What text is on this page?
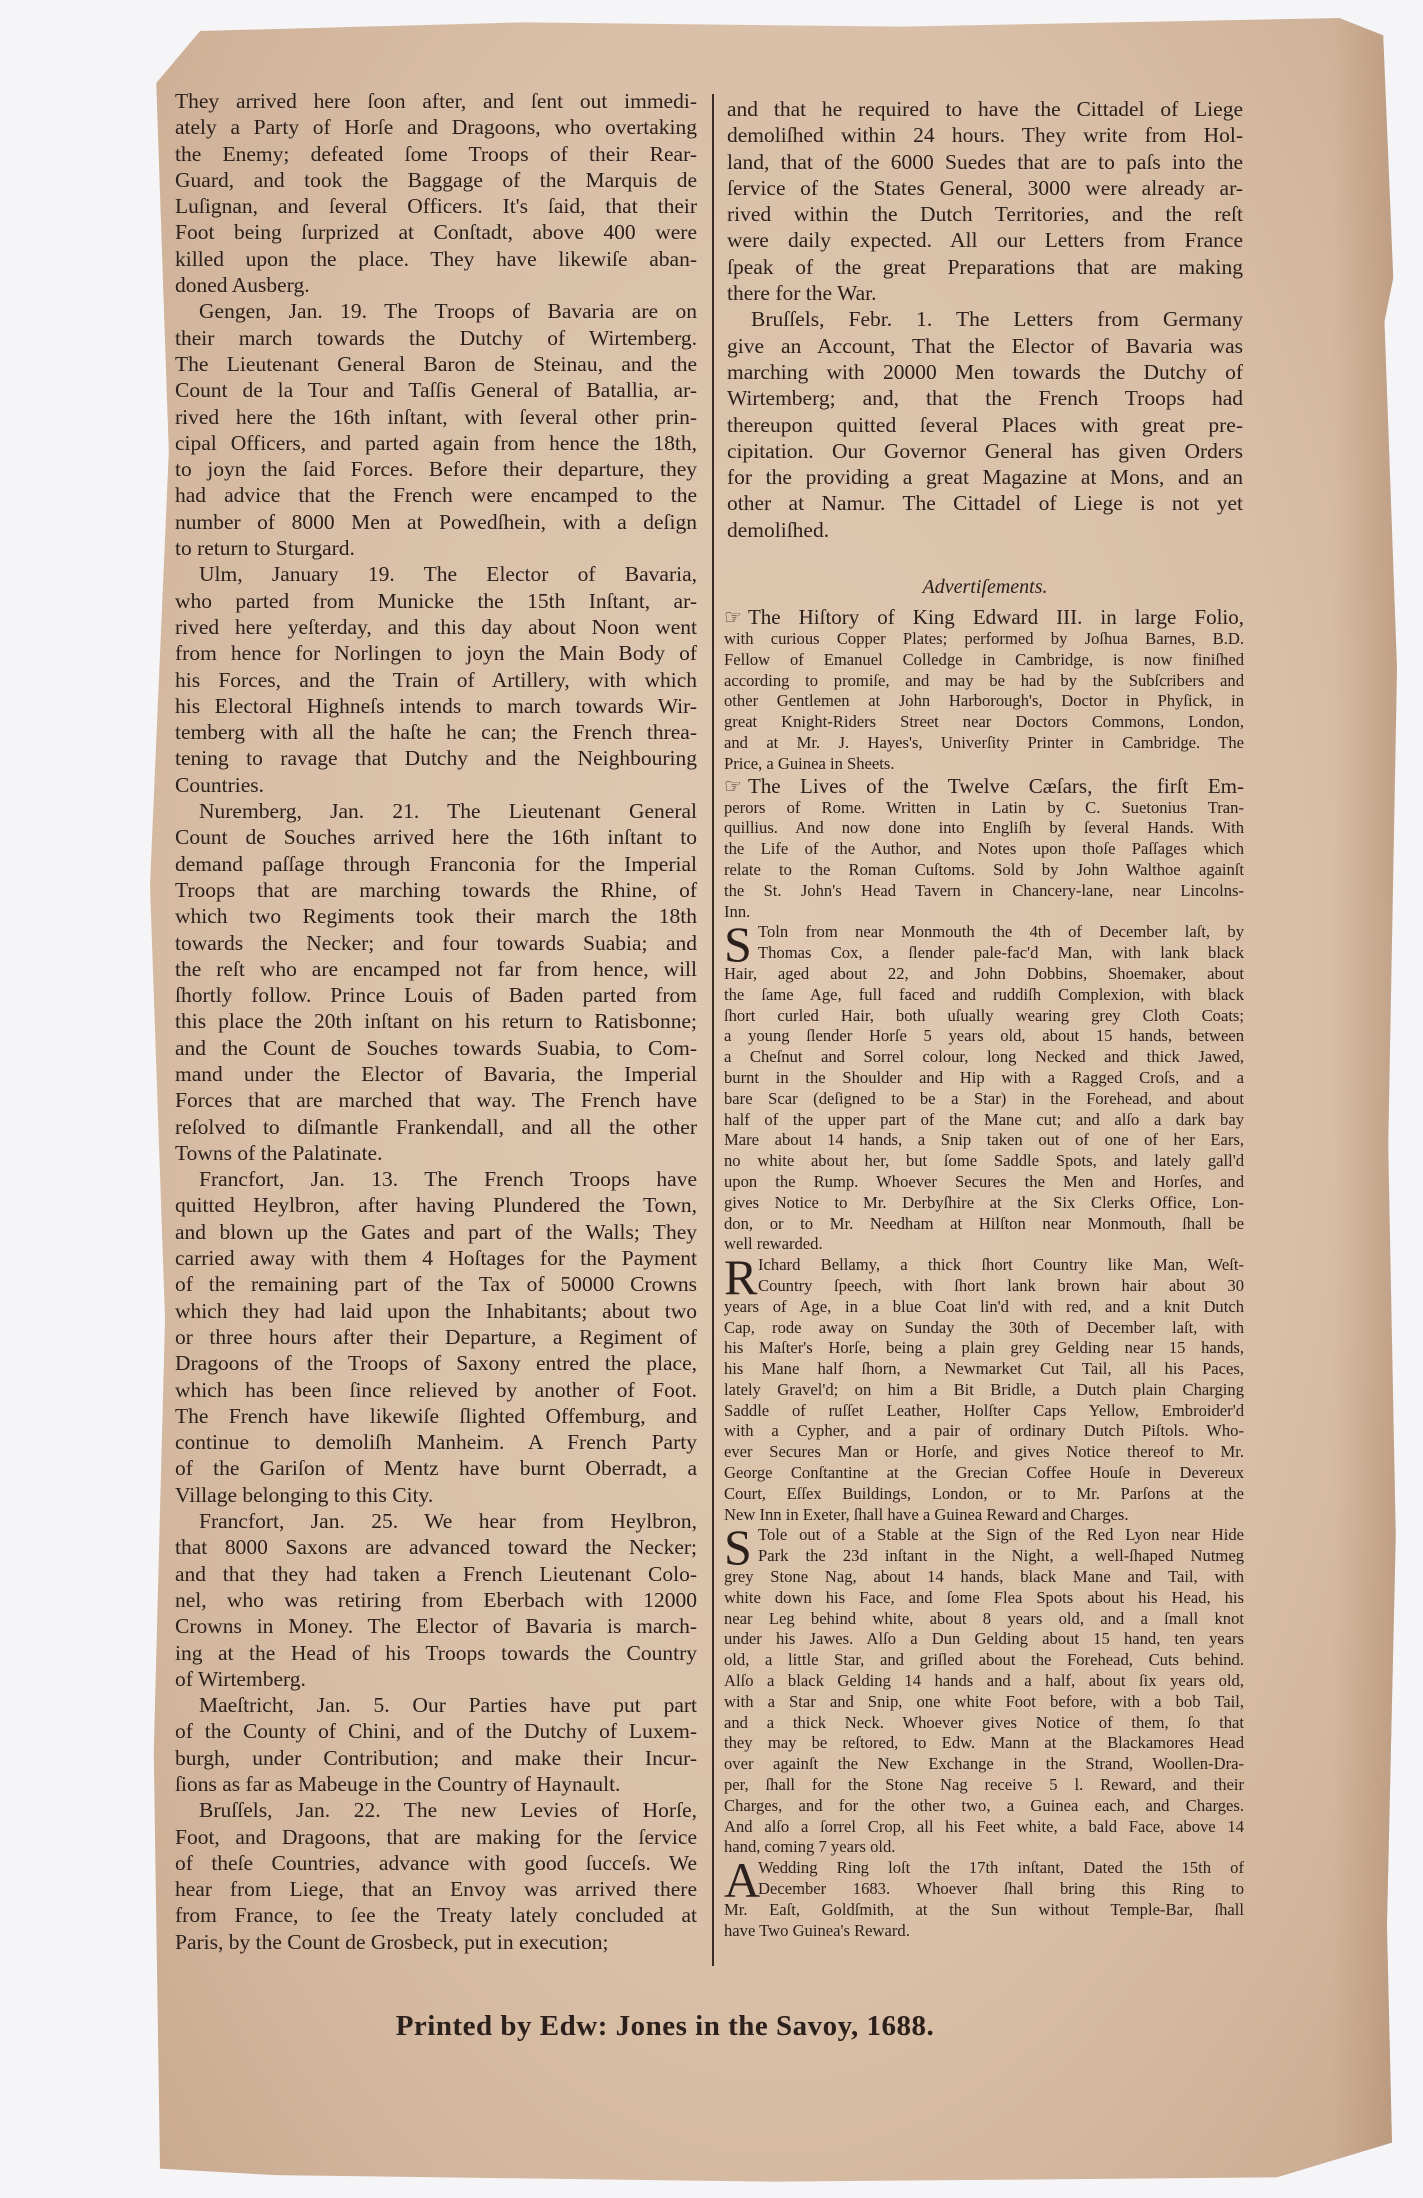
They arrived here ſoon after, and ſent out immedi-
ately a Party of Horſe and Dragoons, who overtaking
the Enemy; defeated ſome Troops of their Rear-
Guard, and took the Baggage of the Marquis de
Luſignan, and ſeveral Officers. It's ſaid, that their
Foot being ſurprized at Conſtadt, above 400 were
killed upon the place. They have likewiſe aban-
doned Ausberg.
Gengen, Jan. 19. The Troops of Bavaria are on
their march towards the Dutchy of Wirtemberg.
The Lieutenant General Baron de Steinau, and the
Count de la Tour and Taſſis General of Batallia, ar-
rived here the 16th inſtant, with ſeveral other prin-
cipal Officers, and parted again from hence the 18th,
to joyn the ſaid Forces. Before their departure, they
had advice that the French were encamped to the
number of 8000 Men at Powedſhein, with a deſign
to return to Sturgard.
Ulm, January 19. The Elector of Bavaria,
who parted from Municke the 15th Inſtant, ar-
rived here yeſterday, and this day about Noon went
from hence for Norlingen to joyn the Main Body of
his Forces, and the Train of Artillery, with which
his Electoral Highneſs intends to march towards Wir-
temberg with all the haſte he can; the French threa-
tening to ravage that Dutchy and the Neighbouring
Countries.
Nuremberg, Jan. 21. The Lieutenant General
Count de Souches arrived here the 16th inſtant to
demand paſſage through Franconia for the Imperial
Troops that are marching towards the Rhine, of
which two Regiments took their march the 18th
towards the Necker; and four towards Suabia; and
the reſt who are encamped not far from hence, will
ſhortly follow. Prince Louis of Baden parted from
this place the 20th inſtant on his return to Ratisbonne;
and the Count de Souches towards Suabia, to Com-
mand under the Elector of Bavaria, the Imperial
Forces that are marched that way. The French have
reſolved to diſmantle Frankendall, and all the other
Towns of the Palatinate.
Francfort, Jan. 13. The French Troops have
quitted Heylbron, after having Plundered the Town,
and blown up the Gates and part of the Walls; They
carried away with them 4 Hoſtages for the Payment
of the remaining part of the Tax of 50000 Crowns
which they had laid upon the Inhabitants; about two
or three hours after their Departure, a Regiment of
Dragoons of the Troops of Saxony entred the place,
which has been ſince relieved by another of Foot.
The French have likewiſe ſlighted Offemburg, and
continue to demoliſh Manheim. A French Party
of the Gariſon of Mentz have burnt Oberradt, a
Village belonging to this City.
Francfort, Jan. 25. We hear from Heylbron,
that 8000 Saxons are advanced toward the Necker;
and that they had taken a French Lieutenant Colo-
nel, who was retiring from Eberbach with 12000
Crowns in Money. The Elector of Bavaria is march-
ing at the Head of his Troops towards the Country
of Wirtemberg.
Maeſtricht, Jan. 5. Our Parties have put part
of the County of Chini, and of the Dutchy of Luxem-
burgh, under Contribution; and make their Incur-
ſions as far as Mabeuge in the Country of Haynault.
Bruſſels, Jan. 22. The new Levies of Horſe,
Foot, and Dragoons, that are making for the ſervice
of theſe Countries, advance with good ſucceſs. We
hear from Liege, that an Envoy was arrived there
from France, to ſee the Treaty lately concluded at
Paris, by the Count de Grosbeck, put in execution;
and that he required to have the Cittadel of Liege
demoliſhed within 24 hours. They write from Hol-
land, that of the 6000 Suedes that are to paſs into the
ſervice of the States General, 3000 were already ar-
rived within the Dutch Territories, and the reſt
were daily expected. All our Letters from France
ſpeak of the great Preparations that are making
there for the War.
Bruſſels, Febr. 1. The Letters from Germany
give an Account, That the Elector of Bavaria was
marching with 20000 Men towards the Dutchy of
Wirtemberg; and, that the French Troops had
thereupon quitted ſeveral Places with great pre-
cipitation. Our Governor General has given Orders
for the providing a great Magazine at Mons, and an
other at Namur. The Cittadel of Liege is not yet
demoliſhed.
Advertiſements.
☞ The Hiſtory of King Edward III. in large Folio,
with curious Copper Plates; performed by Joſhua Barnes, B.D.
Fellow of Emanuel Colledge in Cambridge, is now finiſhed
according to promiſe, and may be had by the Subſcribers and
other Gentlemen at John Harborough's, Doctor in Phyſick, in
great Knight-Riders Street near Doctors Commons, London,
and at Mr. J. Hayes's, Univerſity Printer in Cambridge. The
Price, a Guinea in Sheets.
☞ The Lives of the Twelve Cæſars, the firſt Em-
perors of Rome. Written in Latin by C. Suetonius Tran-
quillius. And now done into Engliſh by ſeveral Hands. With
the Life of the Author, and Notes upon thoſe Paſſages which
relate to the Roman Cuſtoms. Sold by John Walthoe againſt
the St. John's Head Tavern in Chancery-lane, near Lincolns-
Inn.
S Toln from near Monmouth the 4th of December laſt, by
Thomas Cox, a ſlender pale-fac'd Man, with lank black
Hair, aged about 22, and John Dobbins, Shoemaker, about
the ſame Age, full faced and ruddiſh Complexion, with black
ſhort curled Hair, both uſually wearing grey Cloth Coats;
a young ſlender Horſe 5 years old, about 15 hands, between
a Cheſnut and Sorrel colour, long Necked and thick Jawed,
burnt in the Shoulder and Hip with a Ragged Croſs, and a
bare Scar (deſigned to be a Star) in the Forehead, and about
half of the upper part of the Mane cut; and alſo a dark bay
Mare about 14 hands, a Snip taken out of one of her Ears,
no white about her, but ſome Saddle Spots, and lately gall'd
upon the Rump. Whoever Secures the Men and Horſes, and
gives Notice to Mr. Derbyſhire at the Six Clerks Office, Lon-
don, or to Mr. Needham at Hilſton near Monmouth, ſhall be
well rewarded.
R Ichard Bellamy, a thick ſhort Country like Man, Weſt-
Country ſpeech, with ſhort lank brown hair about 30
years of Age, in a blue Coat lin'd with red, and a knit Dutch
Cap, rode away on Sunday the 30th of December laſt, with
his Maſter's Horſe, being a plain grey Gelding near 15 hands,
his Mane half ſhorn, a Newmarket Cut Tail, all his Paces,
lately Gravel'd; on him a Bit Bridle, a Dutch plain Charging
Saddle of ruſſet Leather, Holſter Caps Yellow, Embroider'd
with a Cypher, and a pair of ordinary Dutch Piſtols. Who-
ever Secures Man or Horſe, and gives Notice thereof to Mr.
George Conſtantine at the Grecian Coffee Houſe in Devereux
Court, Eſſex Buildings, London, or to Mr. Parſons at the
New Inn in Exeter, ſhall have a Guinea Reward and Charges.
S Tole out of a Stable at the Sign of the Red Lyon near Hide
Park the 23d inſtant in the Night, a well-ſhaped Nutmeg
grey Stone Nag, about 14 hands, black Mane and Tail, with
white down his Face, and ſome Flea Spots about his Head, his
near Leg behind white, about 8 years old, and a ſmall knot
under his Jawes. Alſo a Dun Gelding about 15 hand, ten years
old, a little Star, and griſled about the Forehead, Cuts behind.
Alſo a black Gelding 14 hands and a half, about ſix years old,
with a Star and Snip, one white Foot before, with a bob Tail,
and a thick Neck. Whoever gives Notice of them, ſo that
they may be reſtored, to Edw. Mann at the Blackamores Head
over againſt the New Exchange in the Strand, Woollen-Dra-
per, ſhall for the Stone Nag receive 5 l. Reward, and their
Charges, and for the other two, a Guinea each, and Charges.
And alſo a ſorrel Crop, all his Feet white, a bald Face, above 14
hand, coming 7 years old.
A
Wedding Ring loſt the 17th inſtant, Dated the 15th of
December 1683. Whoever ſhall bring this Ring to
Mr. Eaſt, Goldſmith, at the Sun without Temple-Bar, ſhall
have Two Guinea's Reward.
Printed by Edw: Jones in the Savoy, 1688.
